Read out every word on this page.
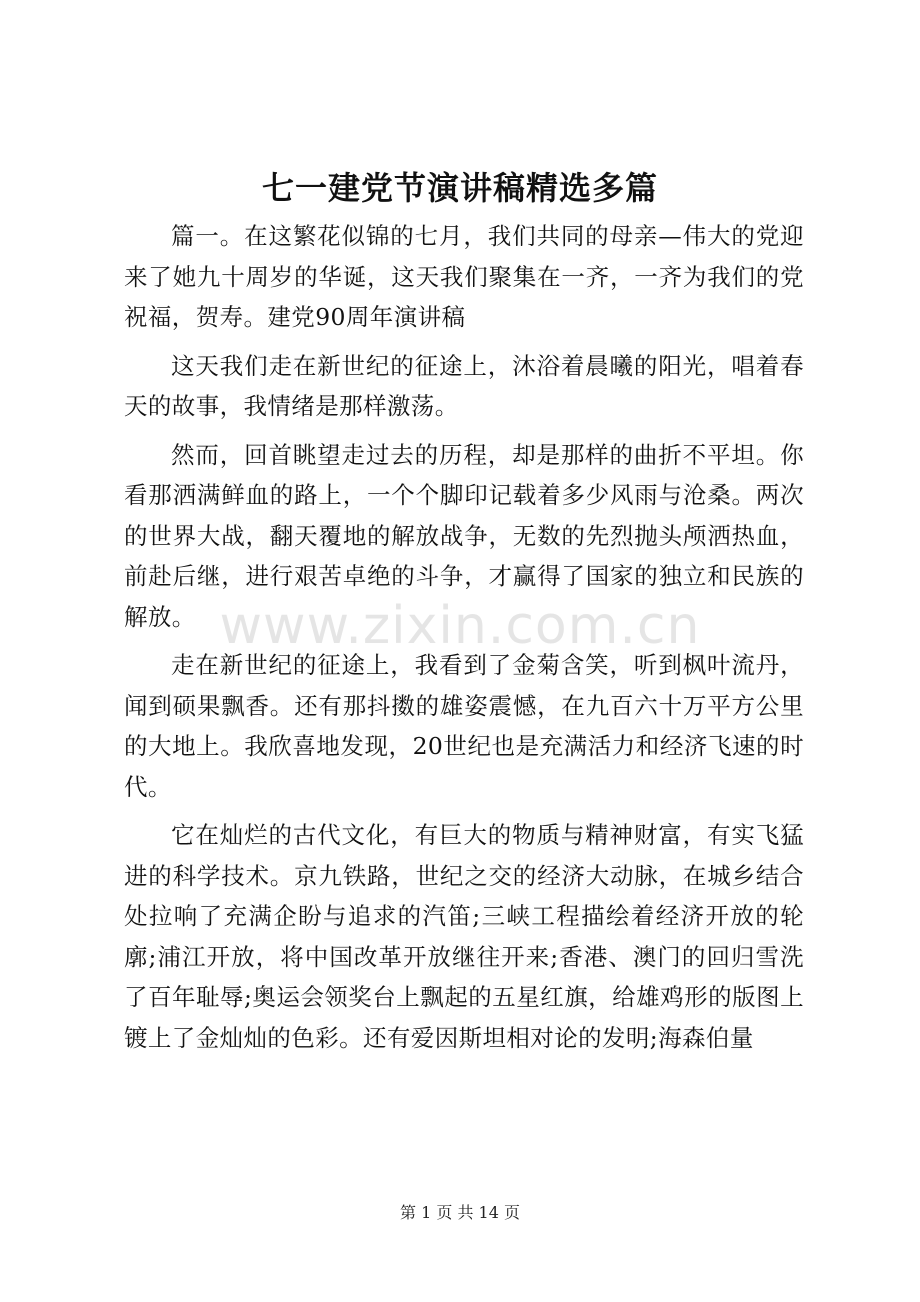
七一建党节演讲稿精选多篇

篇一。在这繁花似锦的七月，我们共同的母亲—伟大的党迎来了她九十周岁的华诞，这天我们聚集在一齐，一齐为我们的党祝福，贺寿。建党90周年演讲稿

这天我们走在新世纪的征途上，沐浴着晨曦的阳光，唱着春天的故事，我情绪是那样激荡。

然而，回首眺望走过去的历程，却是那样的曲折不平坦。你看那洒满鲜血的路上，一个个脚印记载着多少风雨与沧桑。两次的世界大战，翻天覆地的解放战争，无数的先烈抛头颅洒热血，前赴后继，进行艰苦卓绝的斗争，才赢得了国家的独立和民族的解放。

走在新世纪的征途上，我看到了金菊含笑，听到枫叶流丹，闻到硕果飘香。还有那抖擞的雄姿震憾，在九百六十万平方公里的大地上。我欣喜地发现，20世纪也是充满活力和经济飞速的时代。

它在灿烂的古代文化，有巨大的物质与精神财富，有实飞猛进的科学技术。京九铁路，世纪之交的经济大动脉，在城乡结合处拉响了充满企盼与追求的汽笛;三峡工程描绘着经济开放的轮廓;浦江开放，将中国改革开放继往开来;香港、澳门的回归雪洗了百年耻辱;奥运会领奖台上飘起的五星红旗，给雄鸡形的版图上镀上了金灿灿的色彩。还有爱因斯坦相对论的发明;海森伯量

www.zixin.com.cn
第 1 页 共 14 页
